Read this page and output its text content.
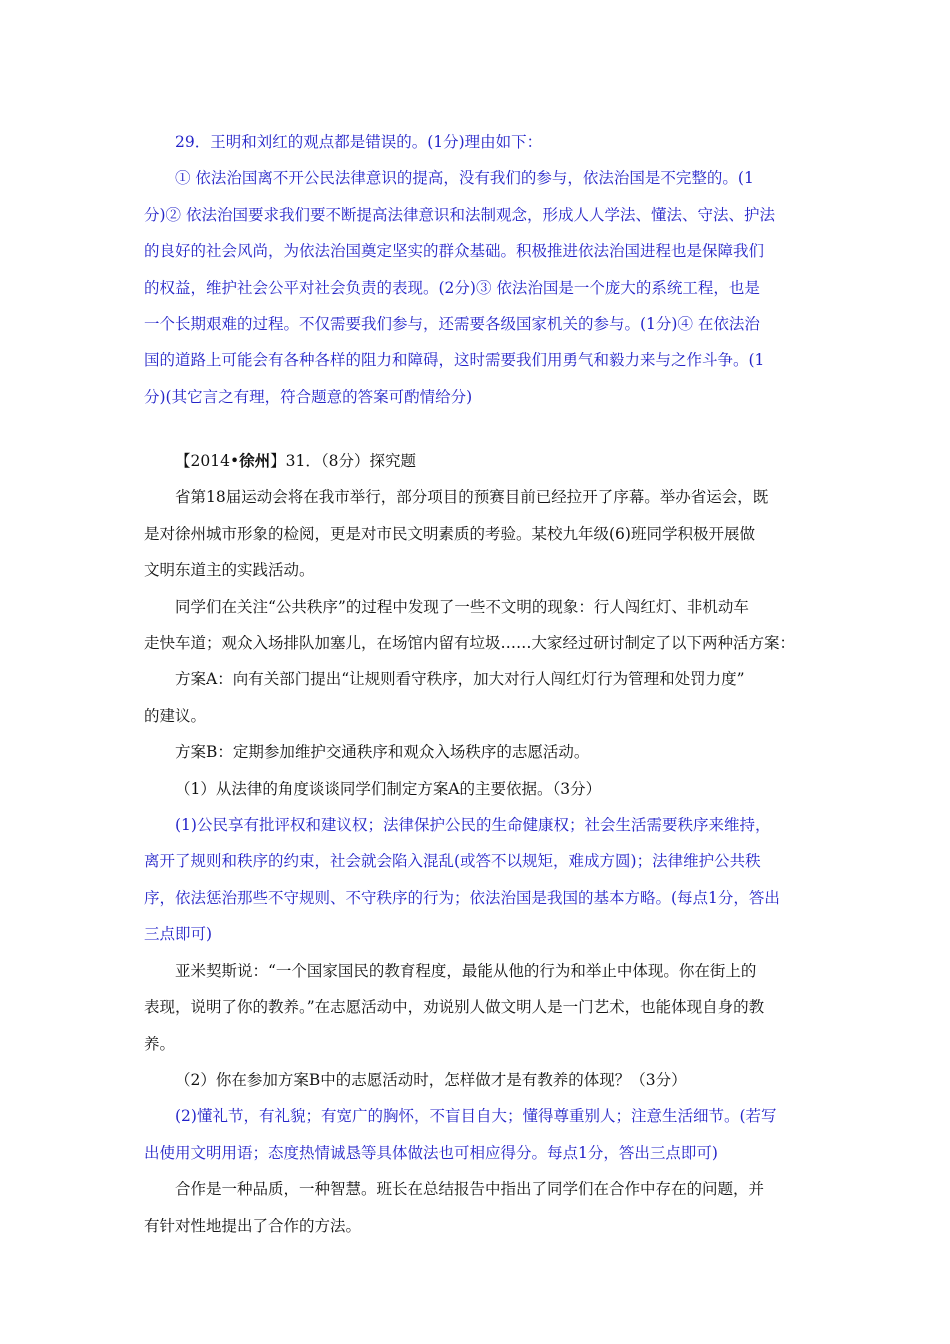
29．王明和刘红的观点都是错误的。(1分)理由如下：
① 依法治国离不开公民法律意识的提高，没有我们的参与，依法治国是不完整的。(1
分)② 依法治国要求我们要不断提高法律意识和法制观念，形成人人学法、懂法、守法、护法
的良好的社会风尚，为依法治国奠定坚实的群众基础。积极推进依法治国进程也是保障我们
的权益，维护社会公平对社会负责的表现。(2分)③ 依法治国是一个庞大的系统工程，也是
一个长期艰难的过程。不仅需要我们参与，还需要各级国家机关的参与。(1分)④ 在依法治
国的道路上可能会有各种各样的阻力和障碍，这时需要我们用勇气和毅力来与之作斗争。(1
分)(其它言之有理，符合题意的答案可酌情给分)
【2014•徐州】31．（8分）探究题
省第18届运动会将在我市举行，部分项目的预赛目前已经拉开了序幕。举办省运会，既
是对徐州城市形象的检阅，更是对市民文明素质的考验。某校九年级(6)班同学积极开展做
文明东道主的实践活动。
同学们在关注“公共秩序”的过程中发现了一些不文明的现象：行人闯红灯、非机动车
走快车道；观众入场排队加塞儿，在场馆内留有垃圾……大家经过研讨制定了以下两种活方案：
方案A：向有关部门提出“让规则看守秩序，加大对行人闯红灯行为管理和处罚力度”
的建议。
方案B：定期参加维护交通秩序和观众入场秩序的志愿活动。
（1）从法律的角度谈谈同学们制定方案A的主要依据。（3分）
(1)公民享有批评权和建议权；法律保护公民的生命健康权；社会生活需要秩序来维持，
离开了规则和秩序的约束，社会就会陷入混乱(或答不以规矩，难成方圆)；法律维护公共秩
序，依法惩治那些不守规则、不守秩序的行为；依法治国是我国的基本方略。(每点1分，答出
三点即可)
亚米契斯说：“一个国家国民的教育程度，最能从他的行为和举止中体现。你在街上的
表现，说明了你的教养。”在志愿活动中，劝说别人做文明人是一门艺术，也能体现自身的教
养。
（2）你在参加方案B中的志愿活动时，怎样做才是有教养的体现？（3分）
(2)懂礼节，有礼貌；有宽广的胸怀，不盲目自大；懂得尊重别人；注意生活细节。(若写
出使用文明用语；态度热情诚恳等具体做法也可相应得分。每点1分，答出三点即可)
合作是一种品质，一种智慧。班长在总结报告中指出了同学们在合作中存在的问题，并
有针对性地提出了合作的方法。
